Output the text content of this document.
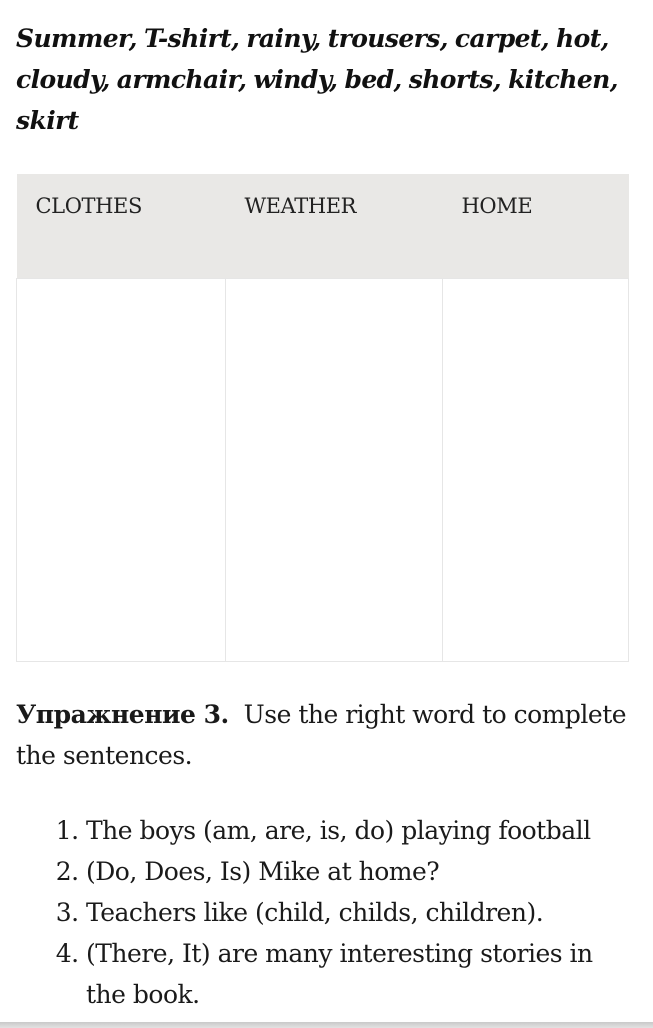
Summer, T-shirt, rainy, trousers, carpet, hot, cloudy, armchair, windy, bed, shorts, kitchen, skirt

CLOTHES	WEATHER	HOME

Упражнение 3. Use the right word to complete the sentences.

1. The boys (am, are, is, do) playing football
2. (Do, Does, Is) Mike at home?
3. Teachers like (child, childs, children).
4. (There, It) are many interesting stories in the book.
